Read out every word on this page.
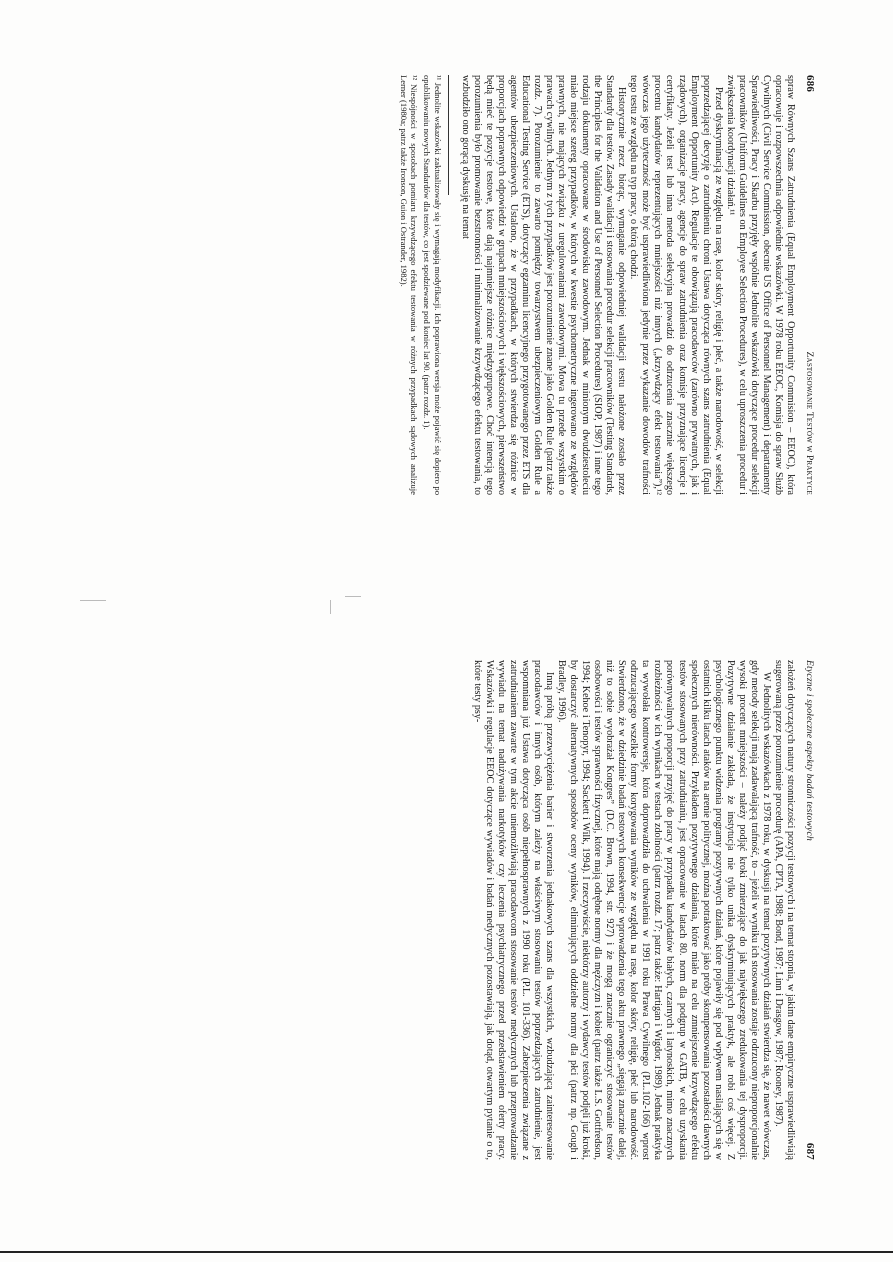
686
Zastosowanie Testów w Praktyce

spraw Równych Szans Zatrudnienia (Equal Employment Opportunity Commision – EEOC), która opracowuje i rozpowszechnia odpowiednie wskazówki. W 1978 roku EEOC, Komisja do spraw Służb Cywilnych (Civil Service Commission, obecnie US Office of Personnel Management) i departamenty Sprawiedliwości, Pracy i Skarbu przyjęły wspólnie Jednolite wskazówki dotyczące procedur selekcji pracowników (Uniform Guidelines on Employee Selection Procedures), w celu uproszczenia procedur i zwiększenia koordynacji działań.¹¹

Przed dyskryminacją ze względu na rasę, kolor skóry, religię i płeć, a także narodowość, w selekcji poprzedzającej decyzję o zatrudnieniu chroni Ustawa dotycząca równych szans zatrudnienia (Equal Employment Opportunity Act). Regulacje te obowiązują pracodawców (zarówno prywatnych, jak i rządowych), organizacje pracy, agencje do spraw zatrudnienia oraz komisje przyznające licencje i certyfikaty. Jeżeli test lub inna metoda selekcyjna prowadzi do odrzucenia znacznie większego procentu kandydatów reprezentujących mniejszości niż innych („krzywdzący efekt testowania”),¹² wówczas jego użyteczność może być usprawiedliwiona jedynie przez wykazanie dowodów trafności tego testu ze względu na typ pracy, o którą chodzi.

Historycznie rzecz biorąc, wymaganie odpowiedniej walidacji testu nałożone zostało przez Standardy dla testów. Zasady walidacji i stosowania procedur selekcji pracowników (Testing Standards, the Principles for the Validation and Use of Personnel Selection Procedures) (SIOP, 1987) i inne tego rodzaju dokumenty opracowane w środowisku zawodowym. Jednak w minionym dwudziestoleciu miało miejsce szereg przypadków, w których w kwestie psychometryczne ingerowano ze względów prawnych, nie mających związku z uregulowaniami zawodowymi. Mowa tu przede wszystkim o prawach cywilnych. Jednym z tych przypadków jest porozumienie znane jako Golden Rule (patrz także rozdz. 7). Porozumienie to zawarto pomiędzy towarzystwem ubezpieczeniowym Golden Rule a Educational Testing Service (ETS), dotyczący egzaminu licencyjnego przygotowanego przez ETS dla agentów ubezpieczeniowych. Ustalono, że w przypadkach, w których stwierdza się różnice w proporcjach poprawnych odpowiedzi w grupach mniejszościowych i większościowych, pierwszeństwo będą mieć te pozycje testowe, które dają najmniejsze różnice międzygrupowe. Choć intencją tego porozumienia było promowanie bezstronności i minimalizowanie krzywdzącego efektu testowania, to wzbudziło ono gorącą dyskusję na temat

¹¹ Jednolite wskazówki zaktualizowały się i wymagają modyfikacji. Ich poprawiona wersja może pojawić się dopiero po opublikowaniu nowych Standardów dla testów, co jest spodziewane pod koniec lat 90. (patrz rozdz. 1).

¹² Niespójności w sposobach pomiaru krzywdzącego efektu testowania w różnych przypadkach sądowych analizuje Lerner (1980a; patrz także Ironson, Guion i Ostrander, 1982).

Etyczne i społeczne aspekty badań testowych
687

założeń dotyczących natury stronniczości pozycji testowych i na temat stopnia, w jakim dane empiryczne usprawiedliwiają sugerowaną przez porozumienie procedurę (APA, CPTA, 1988; Bond, 1987; Linn i Drasgow, 1987; Rooney, 1987).

W Jednolitych wskazówkach z 1978 roku, w dyskusji na temat pozytywnych działań stwierdza się, że nawet wówczas, gdy metody selekcji mają zadawalającą trafność, to – jeżeli w wyniku ich stosowania zostaje odrzucony nieproporcjonalnie wysoki procent mniejszości – należy podjąć kroki zmierzające do jak największego zredukowania tej dysproporcji. Pozytywne działanie zakłada, że instytucja nie tylko unika dyskryminujących praktyk, ale robi coś więcej. Z psychologicznego punktu widzenia programy pozytywnych działań, które pojawiły się pod wpływem nasilających się w ostatnich kilku latach ataków na arenie politycznej, można potraktować jako próby skompensowania pozostałości dawnych społecznych nierówności. Przykładem pozytywnego działania, które miało na celu zmniejszenie krzywdzącego efektu testów stosowanych przy zatrudnianiu, jest opracowanie w latach 80. norm dla podgrup w GATB, w celu uzyskania porównywalnych proporcji przyjęć do pracy w przypadku kandydatów białych, czarnych i latynoskich, mimo znacznych rozbieżności w ich wynikach w testach zdolności (patrz rozdz. 17; patrz także: Hartigan i Wigdor, 1989). Jednak praktyka ta wywołała kontrowersje, która doprowadziła do uchwalenia w 1991 roku Prawa Cywilnego (P.L.102-166) wprost odrzucającego wszelkie formy korygowania wyników ze względu na rasę, kolor skóry, religię, płeć lub narodowość. Stwierdzono, że w dziedzinie badań testowych konsekwencje wprowadzenia tego aktu prawnego „sięgają znacznie dalej, niż to sobie wyobrażał Kongres” (D.C. Brown, 1994, str. 927) i że mogą znacznie ograniczyć stosowanie testów osobowości i testów sprawności fizycznej, które mają odrębne normy dla mężczyzn i kobiet (patrz także L.S. Gottfredson, 1994; Kehoe i Tenopyr, 1994; Sackett i Wilk, 1994). I rzeczywiście, niektórzy autorzy i wydawcy testów podjęli już kroki, by dostarczyć alternatywnych sposobów oceny wyników, eliminujących oddzielne normy dla płci (patrz np. Gough i Bradley, 1996).

Inną próbą przezwyciężenia barier i stworzenia jednakowych szans dla wszystkich, wzbudzającą zainteresowanie pracodawców i innych osób, którym zależy na właściwym stosowaniu testów poprzedzających zatrudnienie, jest wspomniana już Ustawa dotycząca osób niepełnosprawnych z 1990 roku (P.L. 101-336). Zabezpieczenia związane z zatrudnianiem zawarte w tym akcie uniemożliwiają pracodawcom stosowanie testów medycznych lub przeprowadzanie wywiadu na temat nadużywania narkotyków czy leczenia psychiatrycznego przed przedstawieniem oferty pracy. Wskazówki i regulacje EEOC dotyczące wywiadów i badań medycznych pozostawiają, jak dotąd, otwartym pytanie o to, które testy psy-
